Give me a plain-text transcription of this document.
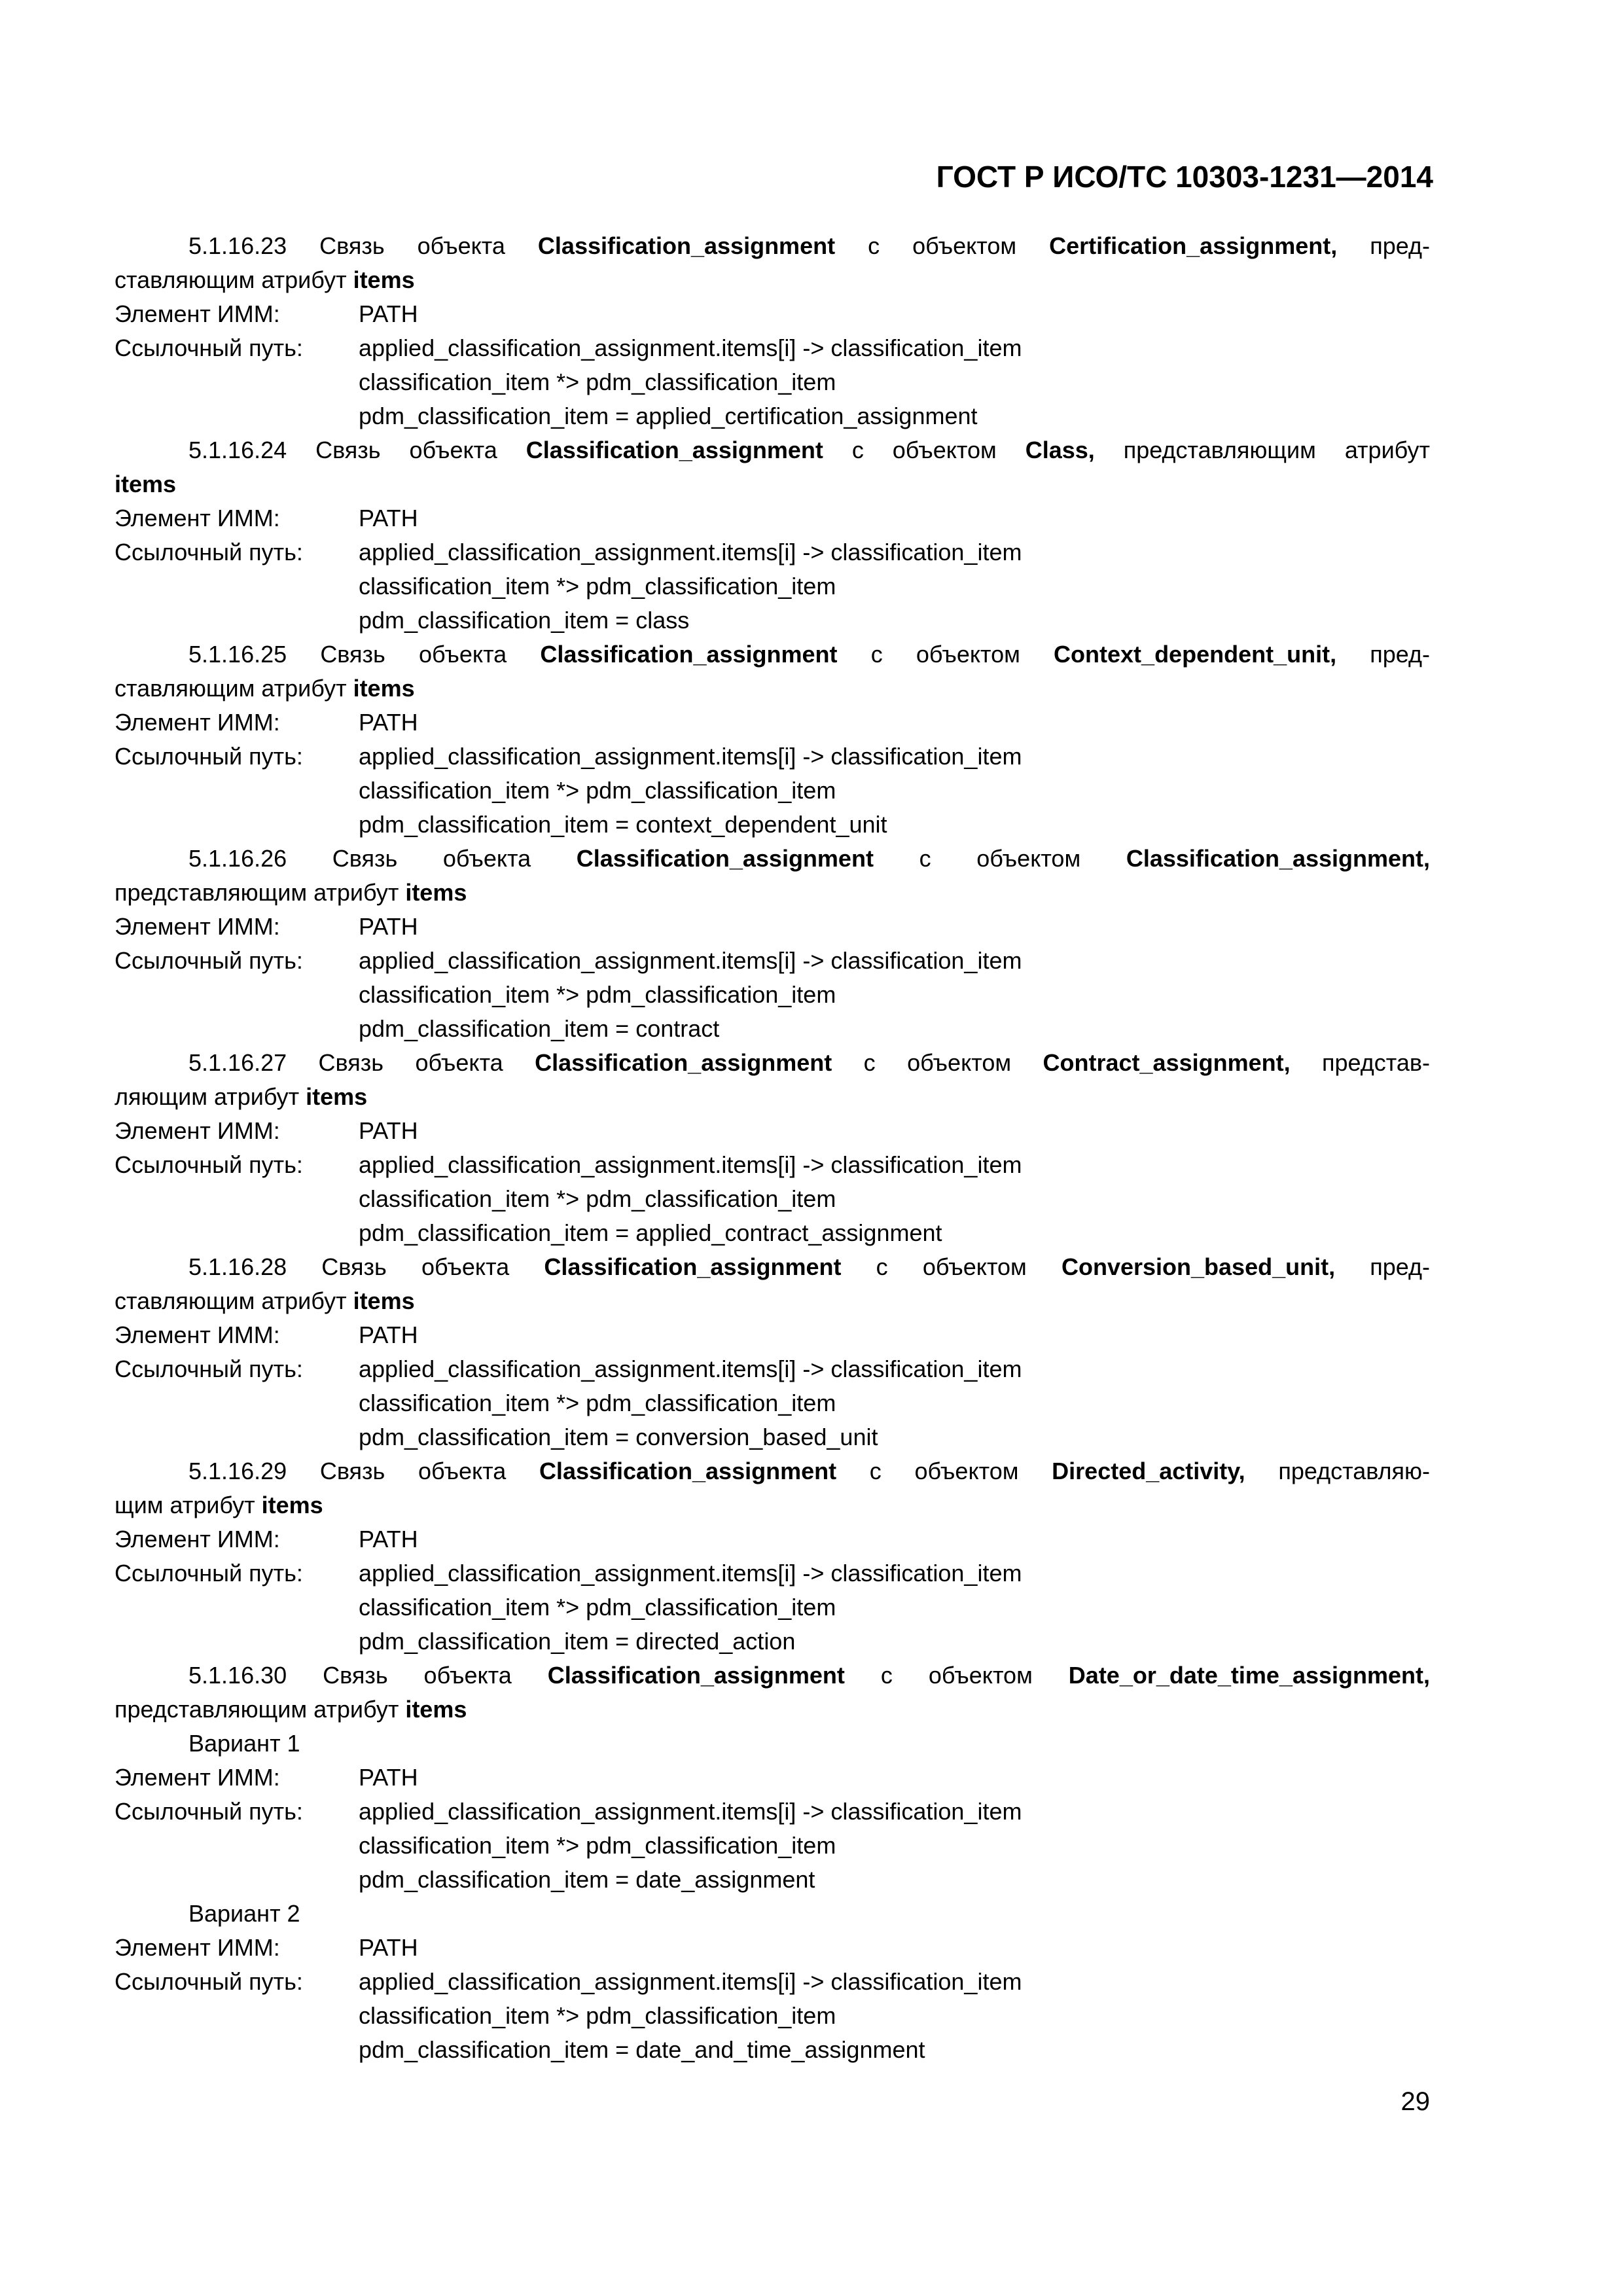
ГОСТ Р ИСО/ТС 10303-1231—2014
5.1.16.23 Связь объекта Classification_assignment с объектом Certification_assignment, пред-
ставляющим атрибут items
Элемент ИММ:	PATH
Ссылочный путь: applied_classification_assignment.items[i] -> classification_item
classification_item *> pdm_classification_item
pdm_classification_item = applied_certification_assignment
5.1.16.24 Связь объекта Classification_assignment с объектом Class, представляющим атрибут
items
Элемент ИММ:	PATH
Ссылочный путь: applied_classification_assignment.items[i] -> classification_item
classification_item *> pdm_classification_item
pdm_classification_item = class
5.1.16.25 Связь объекта Classification_assignment с объектом Context_dependent_unit, пред-
ставляющим атрибут items
Элемент ИММ:	PATH
Ссылочный путь: applied_classification_assignment.items[i] -> classification_item
classification_item *> pdm_classification_item
pdm_classification_item = context_dependent_unit
5.1.16.26 Связь объекта Classification_assignment с объектом Classification_assignment,
представляющим атрибут items
Элемент ИММ:	PATH
Ссылочный путь: applied_classification_assignment.items[i] -> classification_item
classification_item *> pdm_classification_item
pdm_classification_item = contract
5.1.16.27 Связь объекта Classification_assignment с объектом Contract_assignment, представ-
ляющим атрибут items
Элемент ИММ:	PATH
Ссылочный путь: applied_classification_assignment.items[i] -> classification_item
classification_item *> pdm_classification_item
pdm_classification_item = applied_contract_assignment
5.1.16.28 Связь объекта Classification_assignment с объектом Conversion_based_unit, пред-
ставляющим атрибут items
Элемент ИММ:	PATH
Ссылочный путь: applied_classification_assignment.items[i] -> classification_item
classification_item *> pdm_classification_item
pdm_classification_item = conversion_based_unit
5.1.16.29 Связь объекта Classification_assignment с объектом Directed_activity, представляю-
щим атрибут items
Элемент ИММ:	PATH
Ссылочный путь: applied_classification_assignment.items[i] -> classification_item
classification_item *> pdm_classification_item
pdm_classification_item = directed_action
5.1.16.30 Связь объекта Classification_assignment с объектом Date_or_date_time_assignment,
представляющим атрибут items
Вариант 1
Элемент ИММ:	PATH
Ссылочный путь: applied_classification_assignment.items[i] -> classification_item
classification_item *> pdm_classification_item
pdm_classification_item = date_assignment
Вариант 2
Элемент ИММ:	PATH
Ссылочный путь: applied_classification_assignment.items[i] -> classification_item
classification_item *> pdm_classification_item
pdm_classification_item = date_and_time_assignment
29
